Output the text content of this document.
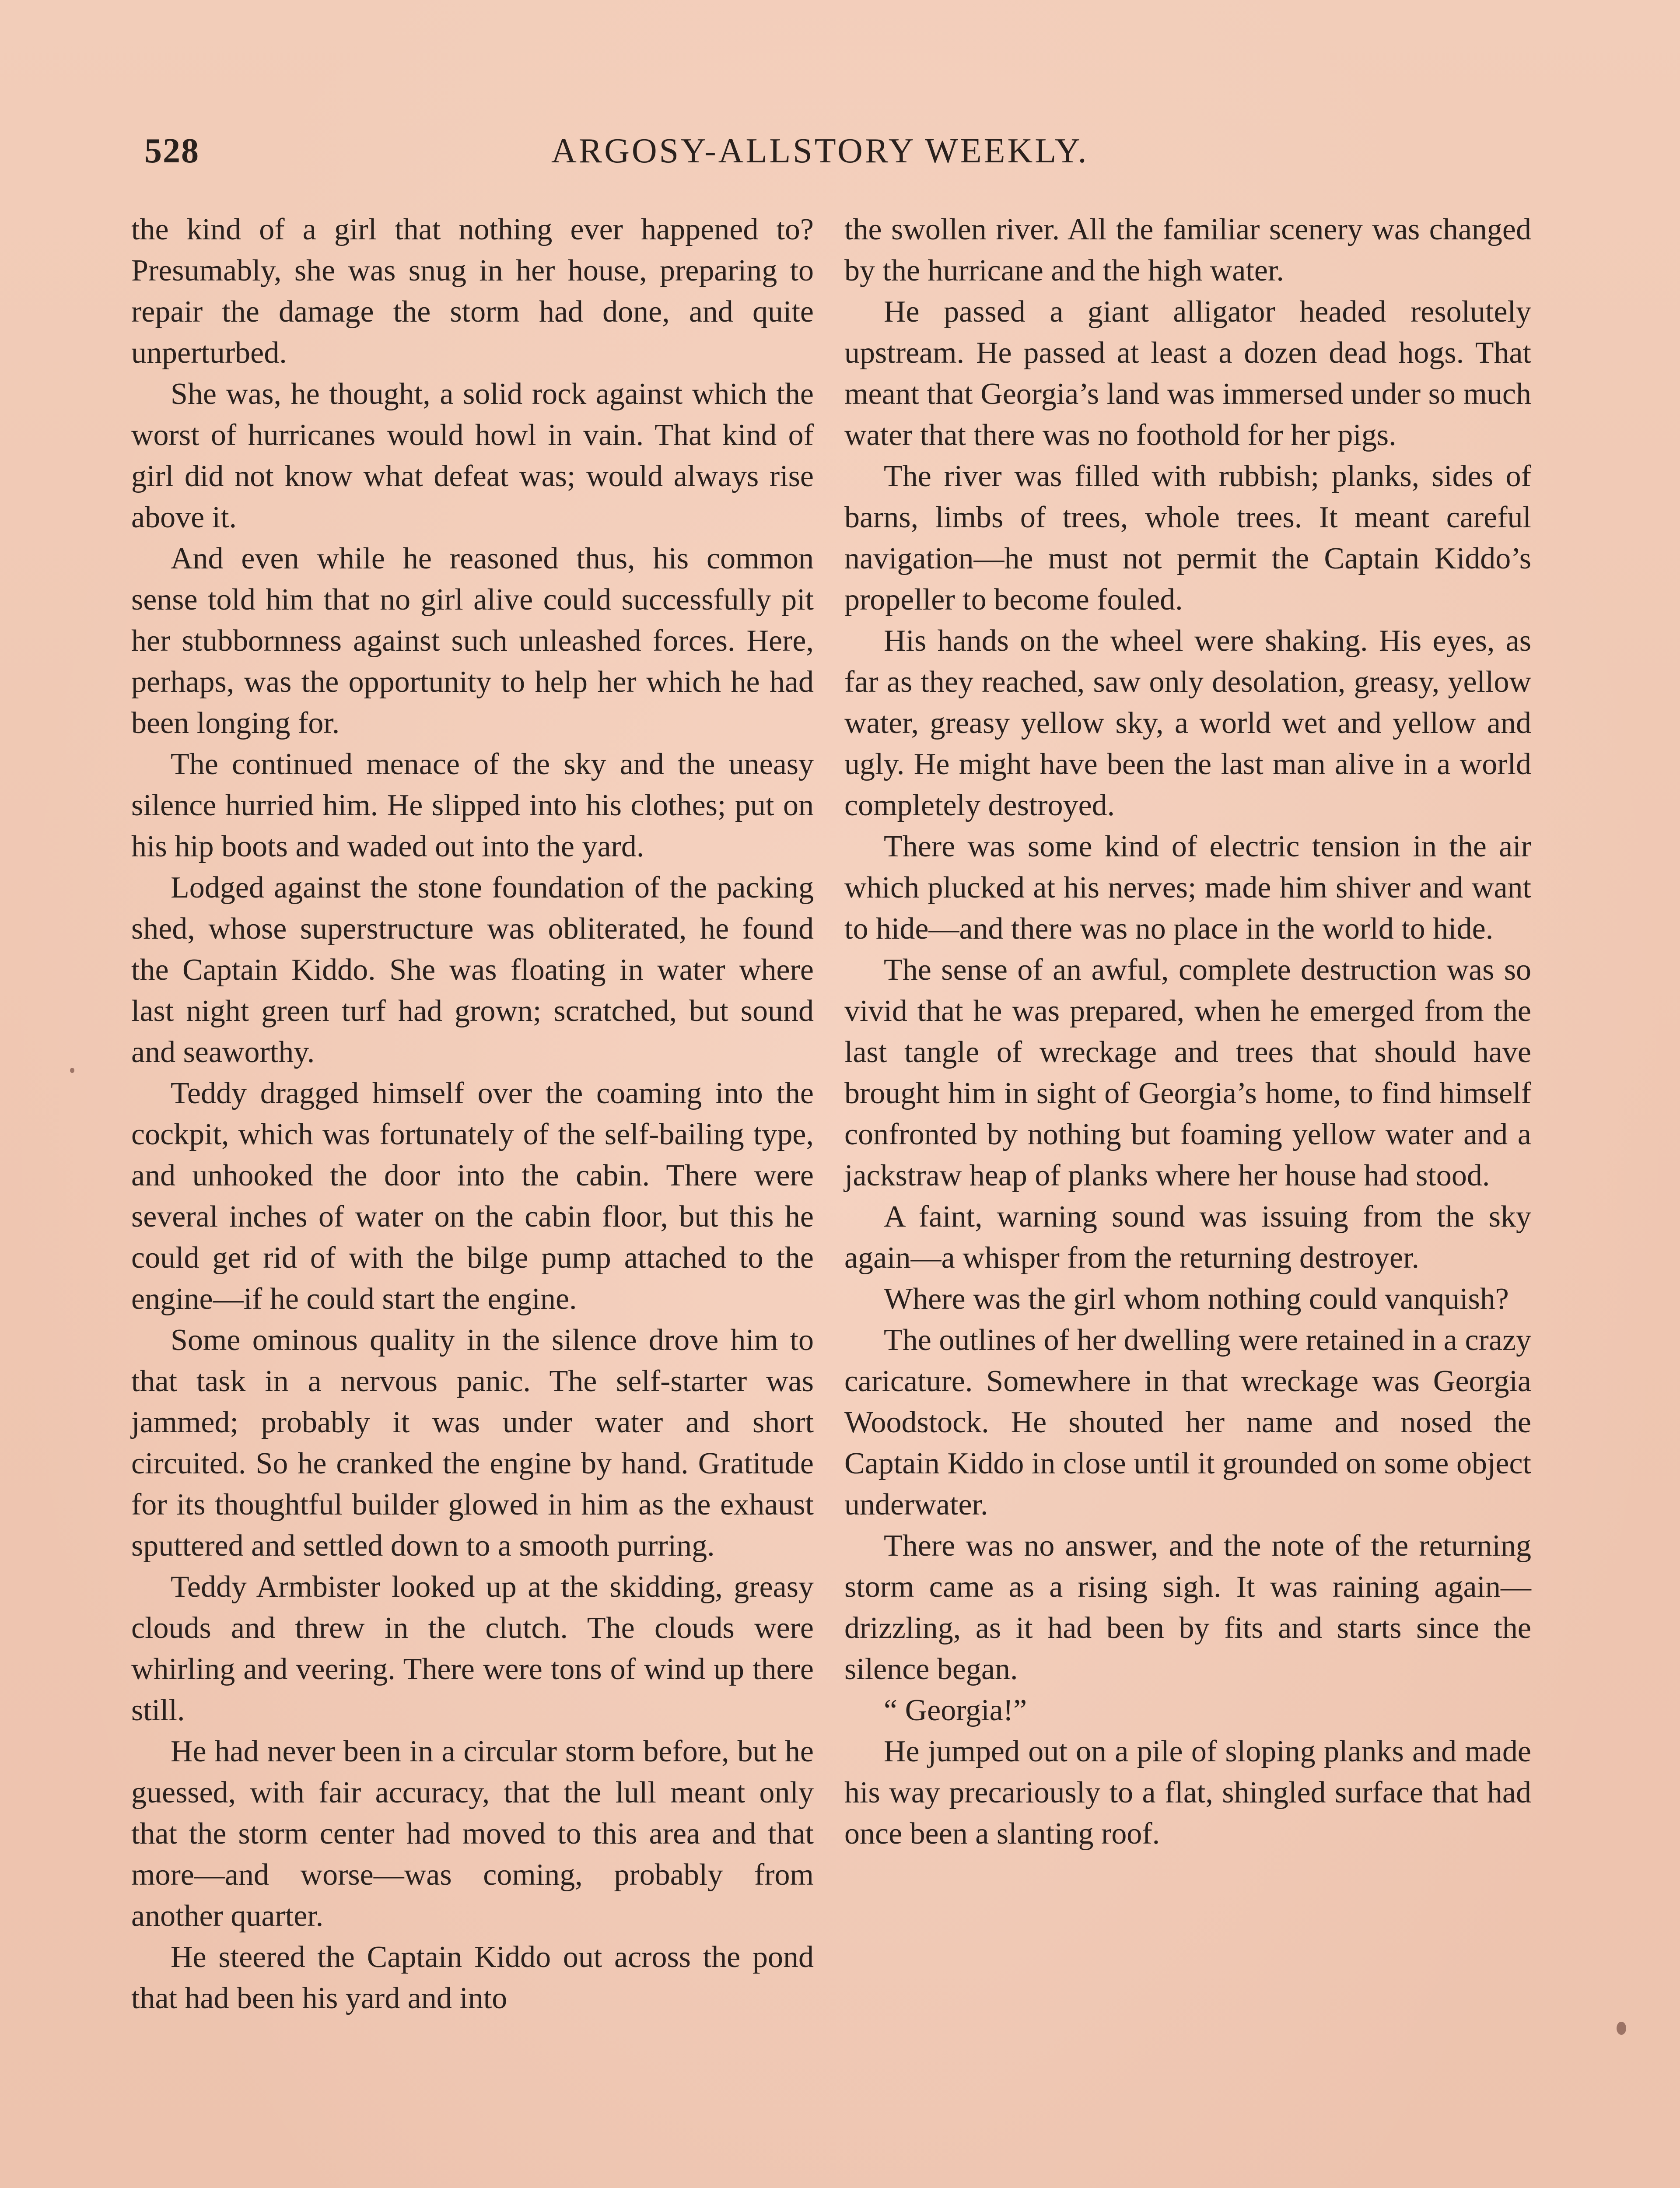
528	ARGOSY-ALLSTORY WEEKLY.

the kind of a girl that nothing ever happened to? Presumably, she was snug in her house, preparing to repair the damage the storm had done, and quite unperturbed.

She was, he thought, a solid rock against which the worst of hurricanes would howl in vain. That kind of girl did not know what defeat was; would always rise above it.

And even while he reasoned thus, his common sense told him that no girl alive could successfully pit her stubbornness against such unleashed forces. Here, perhaps, was the opportunity to help her which he had been longing for.

The continued menace of the sky and the uneasy silence hurried him. He slipped into his clothes; put on his hip boots and waded out into the yard.

Lodged against the stone foundation of the packing shed, whose superstructure was obliterated, he found the Captain Kiddo. She was floating in water where last night green turf had grown; scratched, but sound and seaworthy.

Teddy dragged himself over the coaming into the cockpit, which was fortunately of the self-bailing type, and unhooked the door into the cabin. There were several inches of water on the cabin floor, but this he could get rid of with the bilge pump attached to the engine—if he could start the engine.

Some ominous quality in the silence drove him to that task in a nervous panic. The self-starter was jammed; probably it was under water and short circuited. So he cranked the engine by hand. Gratitude for its thoughtful builder glowed in him as the exhaust sputtered and settled down to a smooth purring.

Teddy Armbister looked up at the skidding, greasy clouds and threw in the clutch. The clouds were whirling and veering. There were tons of wind up there still.

He had never been in a circular storm before, but he guessed, with fair accuracy, that the lull meant only that the storm center had moved to this area and that more—and worse—was coming, probably from another quarter.

He steered the Captain Kiddo out across the pond that had been his yard and into

the swollen river. All the familiar scenery was changed by the hurricane and the high water.

He passed a giant alligator headed resolutely upstream. He passed at least a dozen dead hogs. That meant that Georgia’s land was immersed under so much water that there was no foothold for her pigs.

The river was filled with rubbish; planks, sides of barns, limbs of trees, whole trees. It meant careful navigation—he must not permit the Captain Kiddo’s propeller to become fouled.

His hands on the wheel were shaking. His eyes, as far as they reached, saw only desolation, greasy, yellow water, greasy yellow sky, a world wet and yellow and ugly. He might have been the last man alive in a world completely destroyed.

There was some kind of electric tension in the air which plucked at his nerves; made him shiver and want to hide—and there was no place in the world to hide.

The sense of an awful, complete destruction was so vivid that he was prepared, when he emerged from the last tangle of wreckage and trees that should have brought him in sight of Georgia’s home, to find himself confronted by nothing but foaming yellow water and a jackstraw heap of planks where her house had stood.

A faint, warning sound was issuing from the sky again—a whisper from the returning destroyer.

Where was the girl whom nothing could vanquish?

The outlines of her dwelling were retained in a crazy caricature. Somewhere in that wreckage was Georgia Woodstock. He shouted her name and nosed the Captain Kiddo in close until it grounded on some object underwater.

There was no answer, and the note of the returning storm came as a rising sigh. It was raining again—drizzling, as it had been by fits and starts since the silence began.

“ Georgia!”

He jumped out on a pile of sloping planks and made his way precariously to a flat, shingled surface that had once been a slanting roof.
